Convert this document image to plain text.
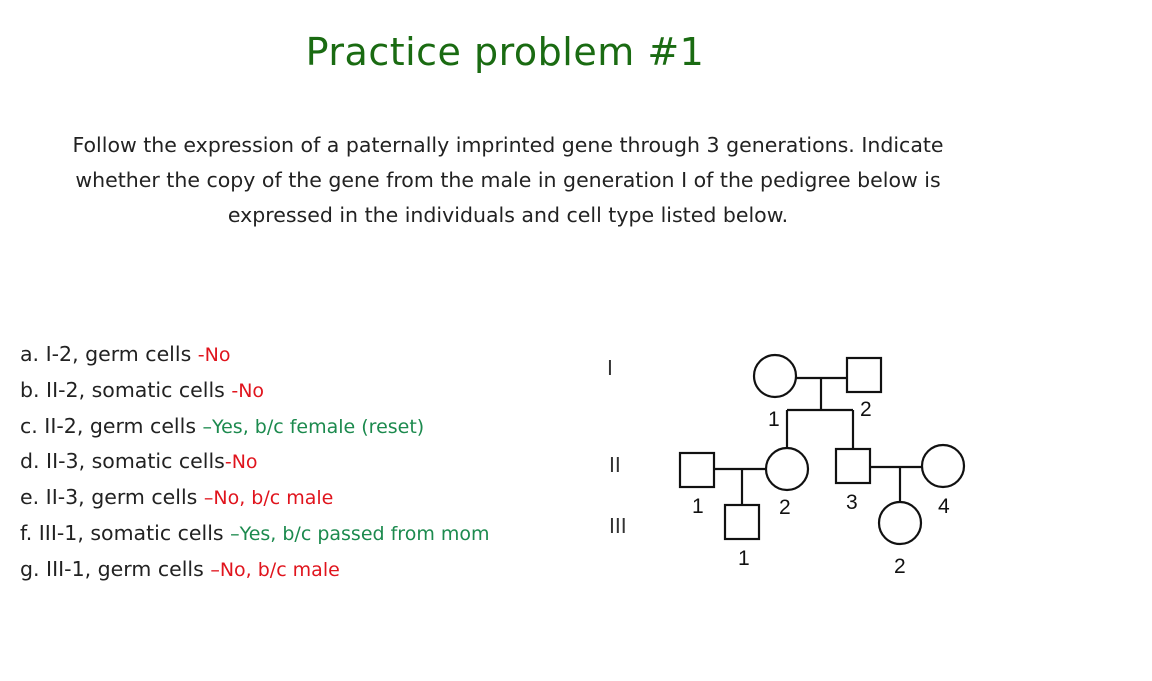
Practice problem #1
Follow the expression of a paternally imprinted gene through 3 generations. Indicate
whether the copy of the gene from the male in generation I of the pedigree below is
expressed in the individuals and cell type listed below.
a. I-2, germ cells -No
b. II-2, somatic cells -No
c. II-2, germ cells –Yes, b/c female (reset)
d. II-3, somatic cells-No
e. II-3, germ cells –No, b/c male
f. III-1, somatic cells –Yes, b/c passed from mom
g. III-1, germ cells –No, b/c male
I
II
III
1	2
1	2	3	4
1	2
